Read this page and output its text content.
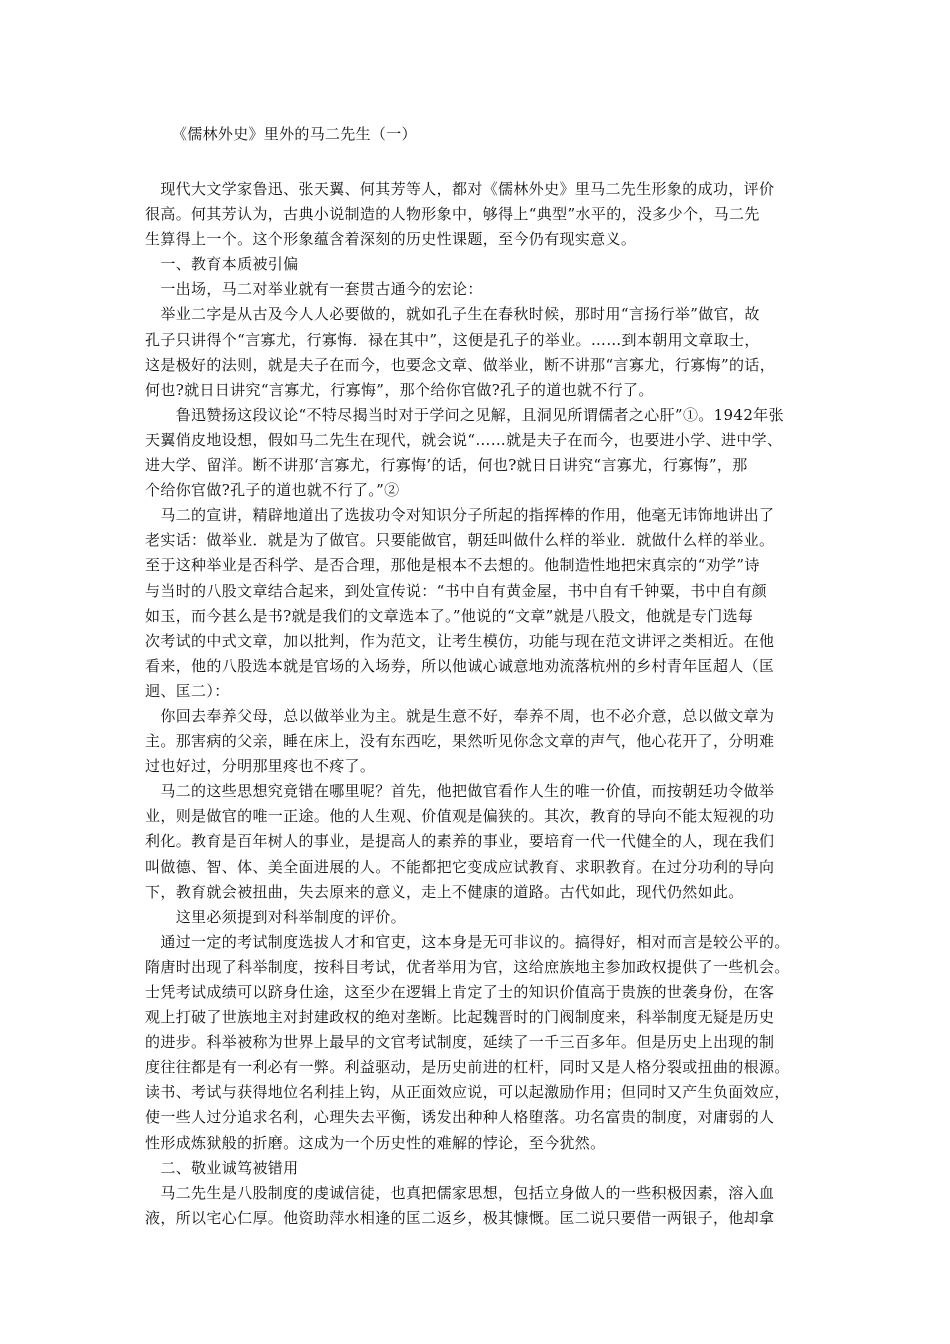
《儒林外史》里外的马二先生（一）
　现代大文学家鲁迅、张天翼、何其芳等人，都对《儒林外史》里马二先生形象的成功，评价
很高。何其芳认为，古典小说制造的人物形象中，够得上“典型”水平的，没多少个，马二先
生算得上一个。这个形象蕴含着深刻的历史性课题，至今仍有现实意义。
　一、教育本质被引偏
　一出场，马二对举业就有一套贯古通今的宏论：
　举业二字是从古及今人人必要做的，就如孔子生在春秋时候，那时用“言扬行举”做官，故
孔子只讲得个“言寡尤，行寡悔．禄在其中”，这便是孔子的举业。……到本朝用文章取士，
这是极好的法则，就是夫子在而今，也要念文章、做举业，断不讲那“言寡尤，行寡悔”的话，
何也?就日日讲究“言寡尤，行寡悔”，那个给你官做?孔子的道也就不行了。
　　鲁迅赞扬这段议论“不特尽揭当时对于学问之见解，且洞见所谓儒者之心肝”①。1942年张
天翼俏皮地设想，假如马二先生在现代，就会说“……就是夫子在而今，也要进小学、进中学、
进大学、留洋。断不讲那‘言寡尤，行寡悔’的话，何也?就日日讲究“言寡尤，行寡悔”，那
个给你官做?孔子的道也就不行了。”②
　马二的宣讲，精辟地道出了选拔功令对知识分子所起的指挥棒的作用，他毫无讳饰地讲出了
老实话：做举业．就是为了做官。只要能做官，朝廷叫做什么样的举业．就做什么样的举业。
至于这种举业是否科学、是否合理，那他是根本不去想的。他制造性地把宋真宗的“劝学”诗
与当时的八股文章结合起来，到处宣传说：“书中自有黄金屋，书中自有千钟粟，书中自有颜
如玉，而今甚么是书?就是我们的文章选本了。”他说的“文章”就是八股文，他就是专门选每
次考试的中式文章，加以批判，作为范文，让考生模仿，功能与现在范文讲评之类相近。在他
看来，他的八股选本就是官场的入场券，所以他诚心诚意地劝流落杭州的乡村青年匡超人（匡
迥、匡二）：
　你回去奉养父母，总以做举业为主。就是生意不好，奉养不周，也不必介意，总以做文章为
主。那害病的父亲，睡在床上，没有东西吃，果然听见你念文章的声气，他心花开了，分明难
过也好过，分明那里疼也不疼了。
　马二的这些思想究竟错在哪里呢？首先，他把做官看作人生的唯一价值，而按朝廷功令做举
业，则是做官的唯一正途。他的人生观、价值观是偏狭的。其次，教育的导向不能太短视的功
利化。教育是百年树人的事业，是提高人的素养的事业，要培育一代一代健全的人，现在我们
叫做德、智、体、美全面进展的人。不能都把它变成应试教育、求职教育。在过分功利的导向
下，教育就会被扭曲，失去原来的意义，走上不健康的道路。古代如此，现代仍然如此。
　　这里必须提到对科举制度的评价。
　通过一定的考试制度选拔人才和官吏，这本身是无可非议的。搞得好，相对而言是较公平的。
隋唐时出现了科举制度，按科目考试，优者举用为官，这给庶族地主参加政权提供了一些机会。
士凭考试成绩可以跻身仕途，这至少在逻辑上肯定了士的知识价值高于贵族的世袭身份，在客
观上打破了世族地主对封建政权的绝对垄断。比起魏晋时的门阀制度来，科举制度无疑是历史
的进步。科举被称为世界上最早的文官考试制度，延续了一千三百多年。但是历史上出现的制
度往往都是有一利必有一弊。利益驱动，是历史前进的杠杆，同时又是人格分裂或扭曲的根源。
读书、考试与获得地位名利挂上钩，从正面效应说，可以起激励作用；但同时又产生负面效应，
使一些人过分追求名利，心理失去平衡，诱发出种种人格堕落。功名富贵的制度，对庸弱的人
性形成炼狱般的折磨。这成为一个历史性的难解的悖论，至今犹然。
　二、敬业诚笃被错用
　马二先生是八股制度的虔诚信徒，也真把儒家思想，包括立身做人的一些积极因素，溶入血
液，所以宅心仁厚。他资助萍水相逢的匡二返乡，极其慷慨。匡二说只要借一两银子，他却拿
